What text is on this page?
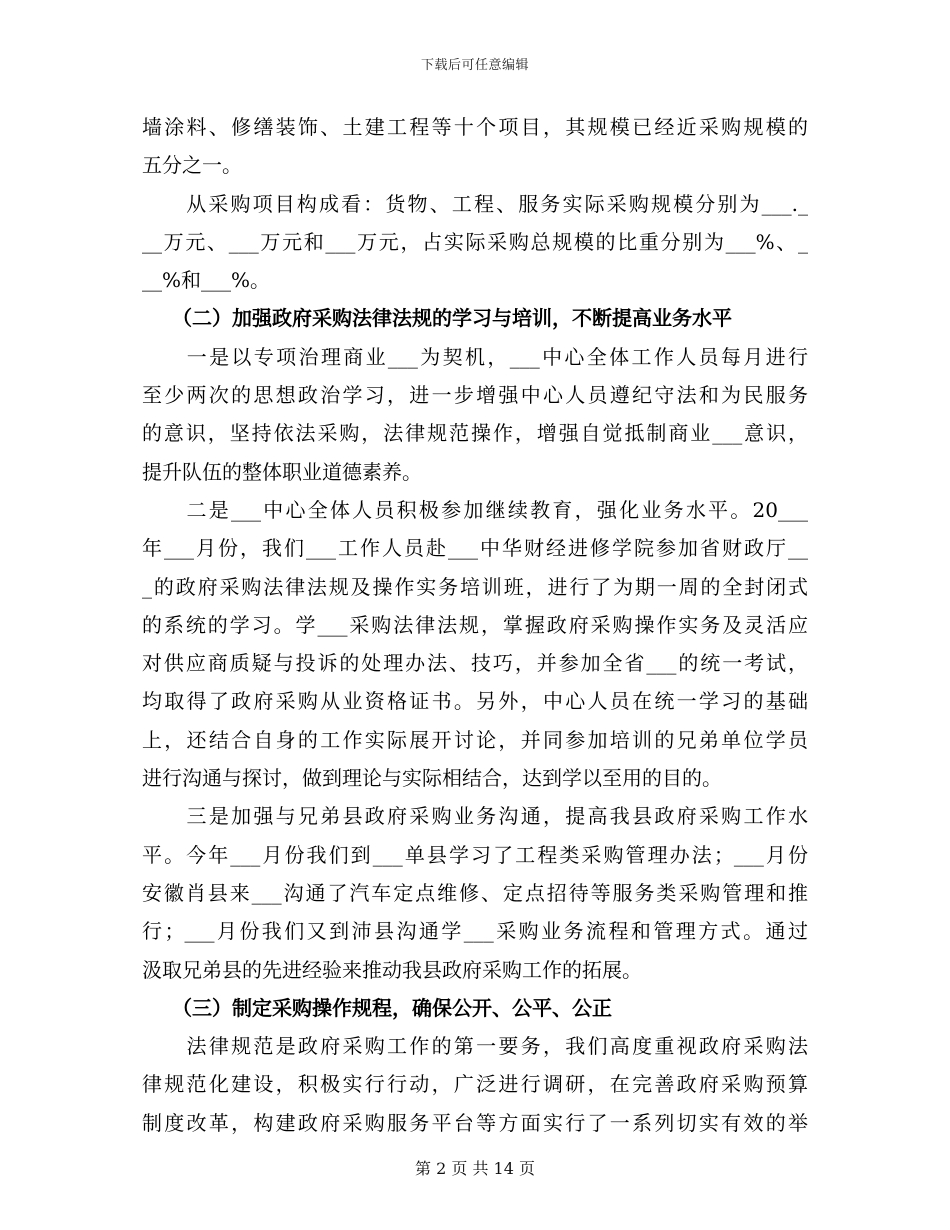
下载后可任意编辑
墙涂料、修缮装饰、土建工程等十个项目，其规模已经近采购规模的
五分之一。
　　从采购项目构成看：货物、工程、服务实际采购规模分别为___._
__万元、___万元和___万元，占实际采购总规模的比重分别为___%、_
__%和___%。
　　（二）加强政府采购法律法规的学习与培训，不断提高业务水平
　　一是以专项治理商业___为契机，___中心全体工作人员每月进行
至少两次的思想政治学习，进一步增强中心人员遵纪守法和为民服务
的意识，坚持依法采购，法律规范操作，增强自觉抵制商业___意识，
提升队伍的整体职业道德素养。
　　二是___中心全体人员积极参加继续教育，强化业务水平。20___
年___月份，我们___工作人员赴___中华财经进修学院参加省财政厅__
_的政府采购法律法规及操作实务培训班，进行了为期一周的全封闭式
的系统的学习。学___采购法律法规，掌握政府采购操作实务及灵活应
对供应商质疑与投诉的处理办法、技巧，并参加全省___的统一考试，
均取得了政府采购从业资格证书。另外，中心人员在统一学习的基础
上，还结合自身的工作实际展开讨论，并同参加培训的兄弟单位学员
进行沟通与探讨，做到理论与实际相结合，达到学以至用的目的。
　　三是加强与兄弟县政府采购业务沟通，提高我县政府采购工作水
平。今年___月份我们到___单县学习了工程类采购管理办法；___月份
安徽肖县来___沟通了汽车定点维修、定点招待等服务类采购管理和推
行；___月份我们又到沛县沟通学___采购业务流程和管理方式。通过
汲取兄弟县的先进经验来推动我县政府采购工作的拓展。
　　（三）制定采购操作规程，确保公开、公平、公正
　　法律规范是政府采购工作的第一要务，我们高度重视政府采购法
律规范化建设，积极实行行动，广泛进行调研，在完善政府采购预算
制度改革，构建政府采购服务平台等方面实行了一系列切实有效的举
第 2 页 共 14 页
